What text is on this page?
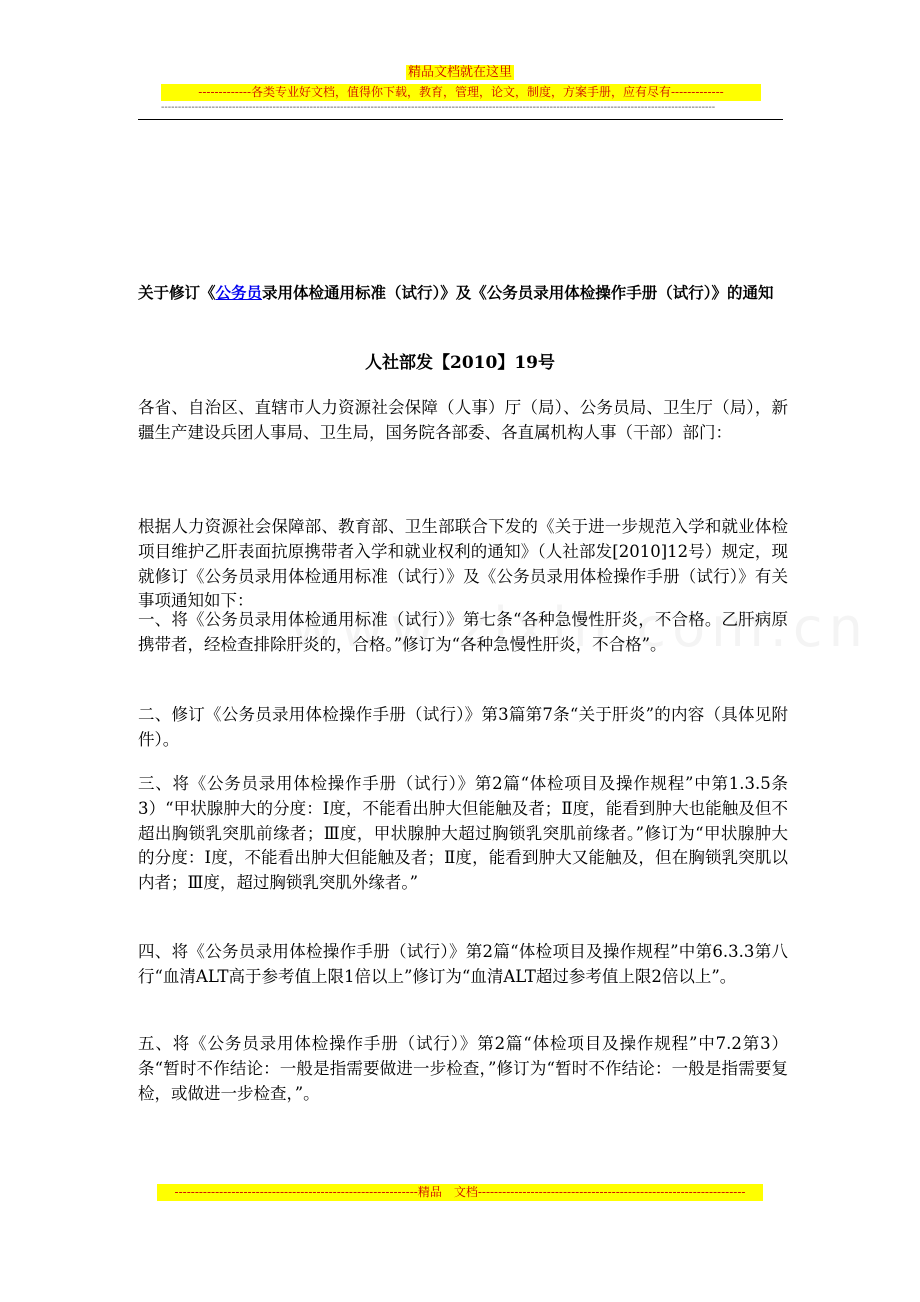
精品文档就在这里
-------------各类专业好文档，值得你下载，教育，管理，论文，制度，方案手册，应有尽有-------------
--------------------------------------------------------------------------------------------------------------------------------------------------------------------
关于修订《公务员录用体检通用标准（试行）》及《公务员录用体检操作手册（试行）》的通知
人社部发【2010】19号

各省、自治区、直辖市人力资源社会保障（人事）厅（局）、公务员局、卫生厅（局），新疆生产建设兵团人事局、卫生局，国务院各部委、各直属机构人事（干部）部门：

根据人力资源社会保障部、教育部、卫生部联合下发的《关于进一步规范入学和就业体检项目维护乙肝表面抗原携带者入学和就业权利的通知》（人社部发[2010]12号）规定，现就修订《公务员录用体检通用标准（试行）》及《公务员录用体检操作手册（试行）》有关事项通知如下：

一、将《公务员录用体检通用标准（试行）》第七条“各种急慢性肝炎，不合格。乙肝病原携带者，经检查排除肝炎的，合格。”修订为“各种急慢性肝炎，不合格”。

二、修订《公务员录用体检操作手册（试行）》第3篇第7条“关于肝炎”的内容（具体见附件）。

三、将《公务员录用体检操作手册（试行）》第2篇“体检项目及操作规程”中第1.3.5条3）“甲状腺肿大的分度：Ⅰ度，不能看出肿大但能触及者；Ⅱ度，能看到肿大也能触及但不超出胸锁乳突肌前缘者；Ⅲ度，甲状腺肿大超过胸锁乳突肌前缘者。”修订为“甲状腺肿大的分度：Ⅰ度，不能看出肿大但能触及者；Ⅱ度，能看到肿大又能触及，但在胸锁乳突肌以内者；Ⅲ度，超过胸锁乳突肌外缘者。”

四、将《公务员录用体检操作手册（试行）》第2篇“体检项目及操作规程”中第6.3.3第八行“血清ALT高于参考值上限1倍以上”修订为“血清ALT超过参考值上限2倍以上”。

五、将《公务员录用体检操作手册（试行）》第2篇“体检项目及操作规程”中7.2第3）条“暂时不作结论：一般是指需要做进一步检查，”修订为“暂时不作结论：一般是指需要复检，或做进一步检查，”。

------------------------------------------------------------精品　文档------------------------------------------------------------------
